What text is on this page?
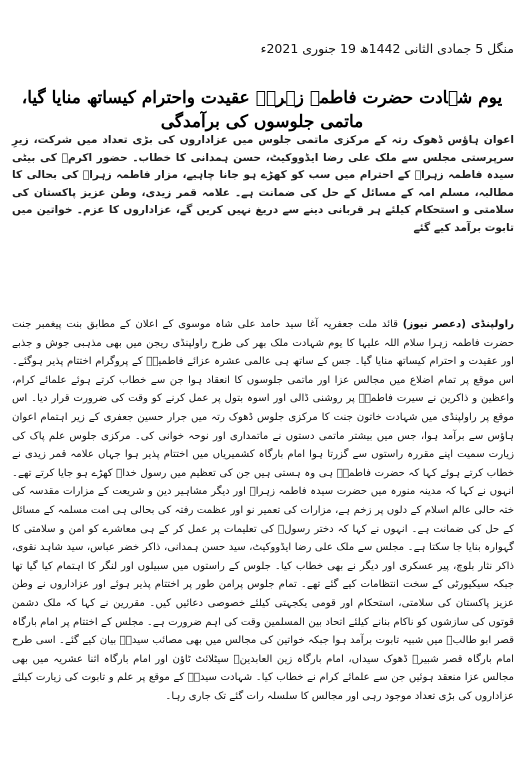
منگل 5 جمادی الثانی 1442ھ 19 جنوری 2021ء
یوم شہادت حضرت فاطمہ زہراؑ عقیدت واحترام کیساتھ منایا گیا، ماتمی جلوسوں کی برآمدگی

اعوان ہاؤس ڈھوک رتہ کے مرکزی ماتمی جلوس میں عزاداروں کی بڑی تعداد میں شرکت، زیرِ سرپرستی مجلس سے ملک علی رضا ایڈووکیٹ، حسن ہمدانی کا خطاب۔ حضور اکرمؐ کی بیٹی سیدہ فاطمہ زہراؑ کے احترام میں سب کو کھڑے ہو جانا چاہیے، مزار فاطمہ زہراؑ کی بحالی کا مطالبہ، مسلم امہ کے مسائل کے حل کی ضمانت ہے۔ علامہ قمر زیدی، وطن عزیز پاکستان کی سلامتی و استحکام کیلئے ہر قربانی دینے سے دریغ نہیں کریں گے، عزاداروں کا عزم۔ خواتین میں تابوت برآمد کیے گئے

راولپنڈی (دعصر نیوز) قائد ملت جعفریہ آغا سید حامد علی شاہ موسوی کے اعلان کے مطابق بنت پیغمبر جنت حضرت فاطمہ زہرا سلام اللہ علیہا کا یوم شہادت ملک بھر کی طرح راولپنڈی ریجن میں بھی مذہبی جوش و جذبے اور عقیدت و احترام کیساتھ منایا گیا۔ جس کے ساتھ ہی عالمی عشرہ عزائے فاطمیہؑ کے پروگرام اختتام پذیر ہوگئے۔ اس موقع پر تمام اضلاع میں مجالس عزا اور ماتمی جلوسوں کا انعقاد ہوا جن سے خطاب کرتے ہوئے علمائے کرام، واعظین و ذاکرین نے سیرت فاطمہؑ پر روشنی ڈالی اور اسوہ بتول پر عمل کرنے کو وقت کی ضرورت قرار دیا۔ اس موقع پر راولپنڈی میں شہادت خاتون جنت کا مرکزی جلوس ڈھوک رتہ میں جرار حسین جعفری کے زیر اہتمام اعوان ہاؤس سے برآمد ہوا، جس میں بیشتر ماتمی دستوں نے ماتمداری اور نوحہ خوانی کی۔ مرکزی جلوس علم پاک کی زیارت سمیت اپنے مقررہ راستوں سے گزرتا ہوا امام بارگاہ کشمیریاں میں اختتام پذیر ہوا جہاں علامہ قمر زیدی نے خطاب کرتے ہوئے کہا کہ حضرت فاطمہؑ ہی وہ ہستی ہیں جن کی تعظیم میں رسول خداؐ کھڑے ہو جایا کرتے تھے۔ انہوں نے کہا کہ مدینہ منورہ میں حضرت سیدہ فاطمہ زہراؑ اور دیگر مشاہیر دین و شریعت کے مزارات مقدسہ کی ختہ حالی عالم اسلام کے دلوں پر زخم ہے، مزارات کی تعمیر نو اور عظمت رفتہ کی بحالی ہی امت مسلمہ کے مسائل کے حل کی ضمانت ہے۔ انہوں نے کہا کہ دختر رسولؐ کی تعلیمات پر عمل کر کے ہی معاشرے کو امن و سلامتی کا گہوارہ بنایا جا سکتا ہے۔ مجلس سے ملک علی رضا ایڈووکیٹ، سید حسن ہمدانی، ذاکر خضر عباس، سید شاہد نقوی، ذاکر نثار بلوچ، پیر عسکری اور دیگر نے بھی خطاب کیا۔ جلوس کے راستوں میں سبیلوں اور لنگر کا اہتمام کیا گیا تھا جبکہ سیکیورٹی کے سخت انتظامات کیے گئے تھے۔ تمام جلوس پرامن طور پر اختتام پذیر ہوئے اور عزاداروں نے وطن عزیز پاکستان کی سلامتی، استحکام اور قومی یکجہتی کیلئے خصوصی دعائیں کیں۔ مقررین نے کہا کہ ملک دشمن قوتوں کی سازشوں کو ناکام بنانے کیلئے اتحاد بین المسلمین وقت کی اہم ضرورت ہے۔ مجلس کے اختتام پر امام بارگاہ قصر ابو طالبؑ میں شبیہ تابوت برآمد ہوا جبکہ خواتین کی مجالس میں بھی مصائب سیدہؑ بیان کیے گئے۔ اسی طرح امام بارگاہ قصر شبیرؑ ڈھوک سیداں، امام بارگاہ زین العابدینؑ سیٹلائٹ ٹاؤن اور امام بارگاہ اثنا عشریہ میں بھی مجالس عزا منعقد ہوئیں جن سے علمائے کرام نے خطاب کیا۔ شہادت سیدہؑ کے موقع پر علم و تابوت کی زیارت کیلئے عزاداروں کی بڑی تعداد موجود رہی اور مجالس کا سلسلہ رات گئے تک جاری رہا۔
